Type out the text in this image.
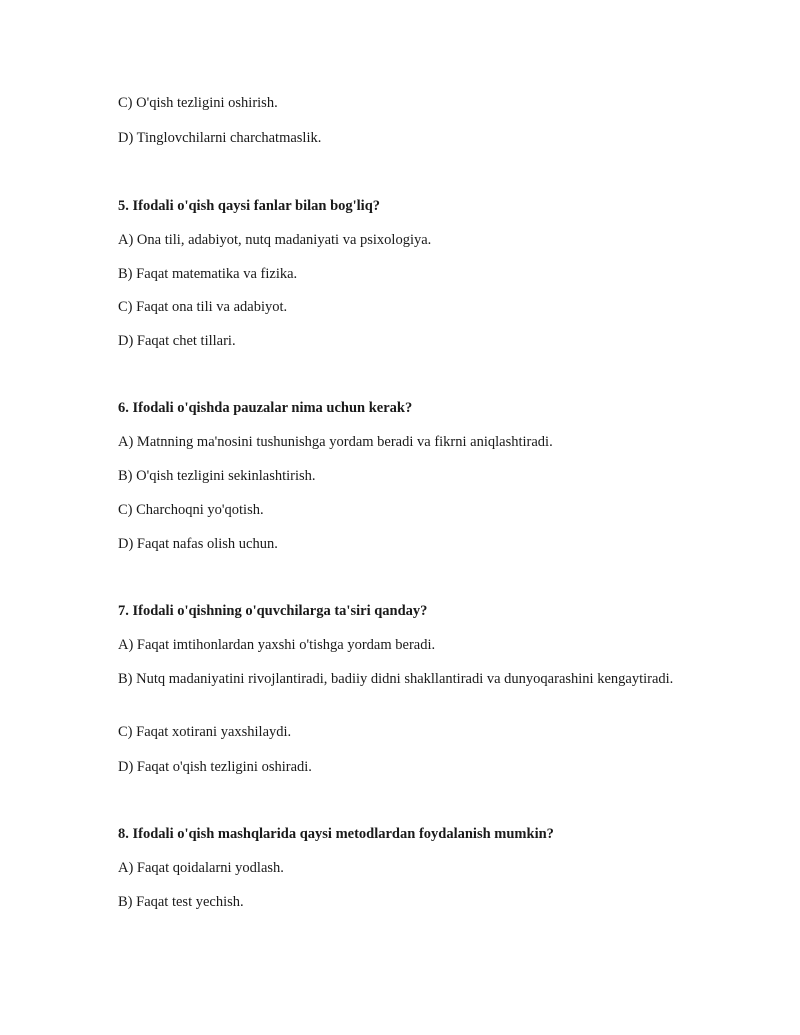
C) O'qish tezligini oshirish.
D) Tinglovchilarni charchatmaslik.
5. Ifodali o'qish qaysi fanlar bilan bog'liq?
A) Ona tili, adabiyot, nutq madaniyati va psixologiya.
B) Faqat matematika va fizika.
C) Faqat ona tili va adabiyot.
D) Faqat chet tillari.
6. Ifodali o'qishda pauzalar nima uchun kerak?
A) Matnning ma'nosini tushunishga yordam beradi va fikrni aniqlashtiradi.
B) O'qish tezligini sekinlashtirish.
C) Charchoqni yo'qotish.
D) Faqat nafas olish uchun.
7. Ifodali o'qishning o'quvchilarga ta'siri qanday?
A) Faqat imtihonlardan yaxshi o'tishga yordam beradi.
B) Nutq madaniyatini rivojlantiradi, badiiy didni shakllantiradi va dunyoqarashini kengaytiradi.
C) Faqat xotirani yaxshilaydi.
D) Faqat o'qish tezligini oshiradi.
8. Ifodali o'qish mashqlarida qaysi metodlardan foydalanish mumkin?
A) Faqat qoidalarni yodlash.
B) Faqat test yechish.
